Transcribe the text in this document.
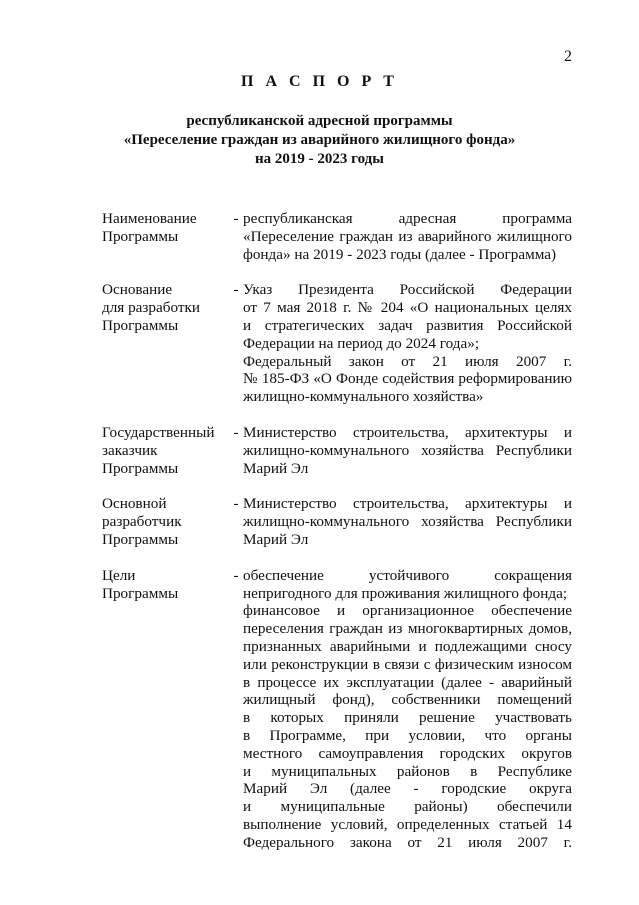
2
П А С П О Р Т
республиканской адресной программы
«Переселение граждан из аварийного жилищного фонда»
на 2019 - 2023 годы
Наименование
Программы
- республиканская адресная программа
«Переселение граждан из аварийного жилищного
фонда» на 2019 - 2023 годы (далее - Программа)
Основание
для разработки
Программы
- Указ Президента Российской Федерации
от 7 мая 2018 г. № 204 «О национальных целях
и стратегических задач развития Российской
Федерации на период до 2024 года»;
Федеральный закон от 21 июля 2007 г.
№ 185-ФЗ «О Фонде содействия реформированию
жилищно-коммунального хозяйства»
Государственный
заказчик
Программы
- Министерство строительства, архитектуры и
жилищно-коммунального хозяйства Республики
Марий Эл
Основной
разработчик
Программы
- Министерство строительства, архитектуры и
жилищно-коммунального хозяйства Республики
Марий Эл
Цели
Программы
- обеспечение устойчивого сокращения
непригодного для проживания жилищного фонда;
финансовое и организационное обеспечение
переселения граждан из многоквартирных домов,
признанных аварийными и подлежащими сносу
или реконструкции в связи с физическим износом
в процессе их эксплуатации (далее - аварийный
жилищный фонд), собственники помещений
в которых приняли решение участвовать
в Программе, при условии, что органы
местного самоуправления городских округов
и муниципальных районов в Республике
Марий Эл (далее - городские округа
и муниципальные районы) обеспечили
выполнение условий, определенных статьей 14
Федерального закона от 21 июля 2007 г.
